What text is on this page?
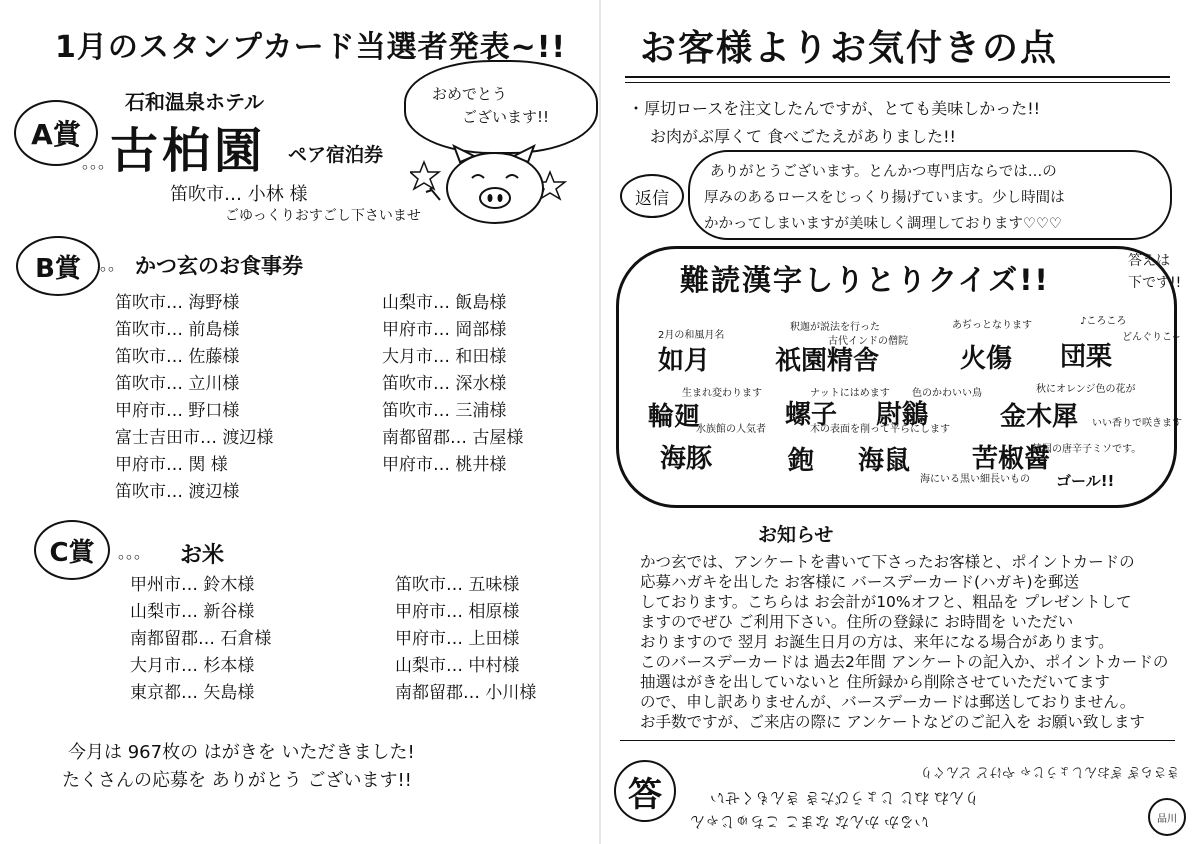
1月のスタンプカード当選者発表~!!
A賞
石和温泉ホテル
。。。
古柏園 ペア宿泊券
笛吹市… 小林 様
ごゆっくりおすごし下さいませ
おめでとう
ございます!!
B賞	。。 かつ玄のお食事券
笛吹市… 海野様
笛吹市… 前島様
笛吹市… 佐藤様
笛吹市… 立川様
甲府市… 野口様
富士吉田市… 渡辺様
甲府市… 関 様
笛吹市… 渡辺様
山梨市… 飯島様
甲府市… 岡部様
大月市… 和田様
笛吹市… 深水様
笛吹市… 三浦様
南都留郡… 古屋様
甲府市… 桃井様
C賞	。。。 お米
甲州市… 鈴木様
山梨市… 新谷様
南都留郡… 石倉様
大月市… 杉本様
東京都… 矢島様
笛吹市… 五味様
甲府市… 相原様
甲府市… 上田様
山梨市… 中村様
南都留郡… 小川様
今月は 967枚の はがきを いただきました!
たくさんの応募を ありがとう ございます!!
お客様よりお気付きの点
・厚切ロースを注文したんですが、とても美味しかった!!
お肉がぶ厚くて 食べごたえがありました!!
返信
ありがとうございます。とんかつ専門店ならでは…の
厚みのあるロースをじっくり揚げています。少し時間は
かかってしまいますが美味しく調理しております♡♡♡
難読漢字しりとりクイズ!!
答えは
下です!!
2月の和風月名
釈迦が説法を行った
古代インドの僧院
あぢっとなります	♪ころころ
どんぐりこ~
如月 祇園精舎	火傷 団栗
生まれ変わります	ナットにはめます 色のかわいい鳥	秋にオレンジ色の花が
いい香りで咲きます
輪廻	螺子 尉鶲	金木犀
水族館の人気者	木の表面を削って平らにします
海にいる黒い細長いもの
韓国の唐辛子ミソです。
ゴール!!
海豚	鉋 海鼠 苦椒醤
お知らせ
かつ玄では、アンケートを書いて下さったお客様と、ポイントカードの
応募ハガキを出した お客様に バースデーカード(ハガキ)を郵送
しております。こちらは お会計が10%オフと、粗品を プレゼントして
ますのでぜひ ご利用下さい。住所の登録に お時間を いただい
おりますので 翌月 お誕生日月の方は、来年になる場合があります。
このバースデーカードは 過去2年間 アンケートの記入か、ポイントカードの
抽選はがきを出していないと 住所録から削除させていただいてます
ので、申し訳ありませんが、バースデーカードは郵送しておりません。
お手数ですが、ご来店の際に アンケートなどのご記入を お願い致します
答
きさらぎ ぎおんしょうじゃ やけど どんぐり
りんね ねじ じょうびたき きんもくせい
いるか かんな なまこ こちゅじゃん	品川
